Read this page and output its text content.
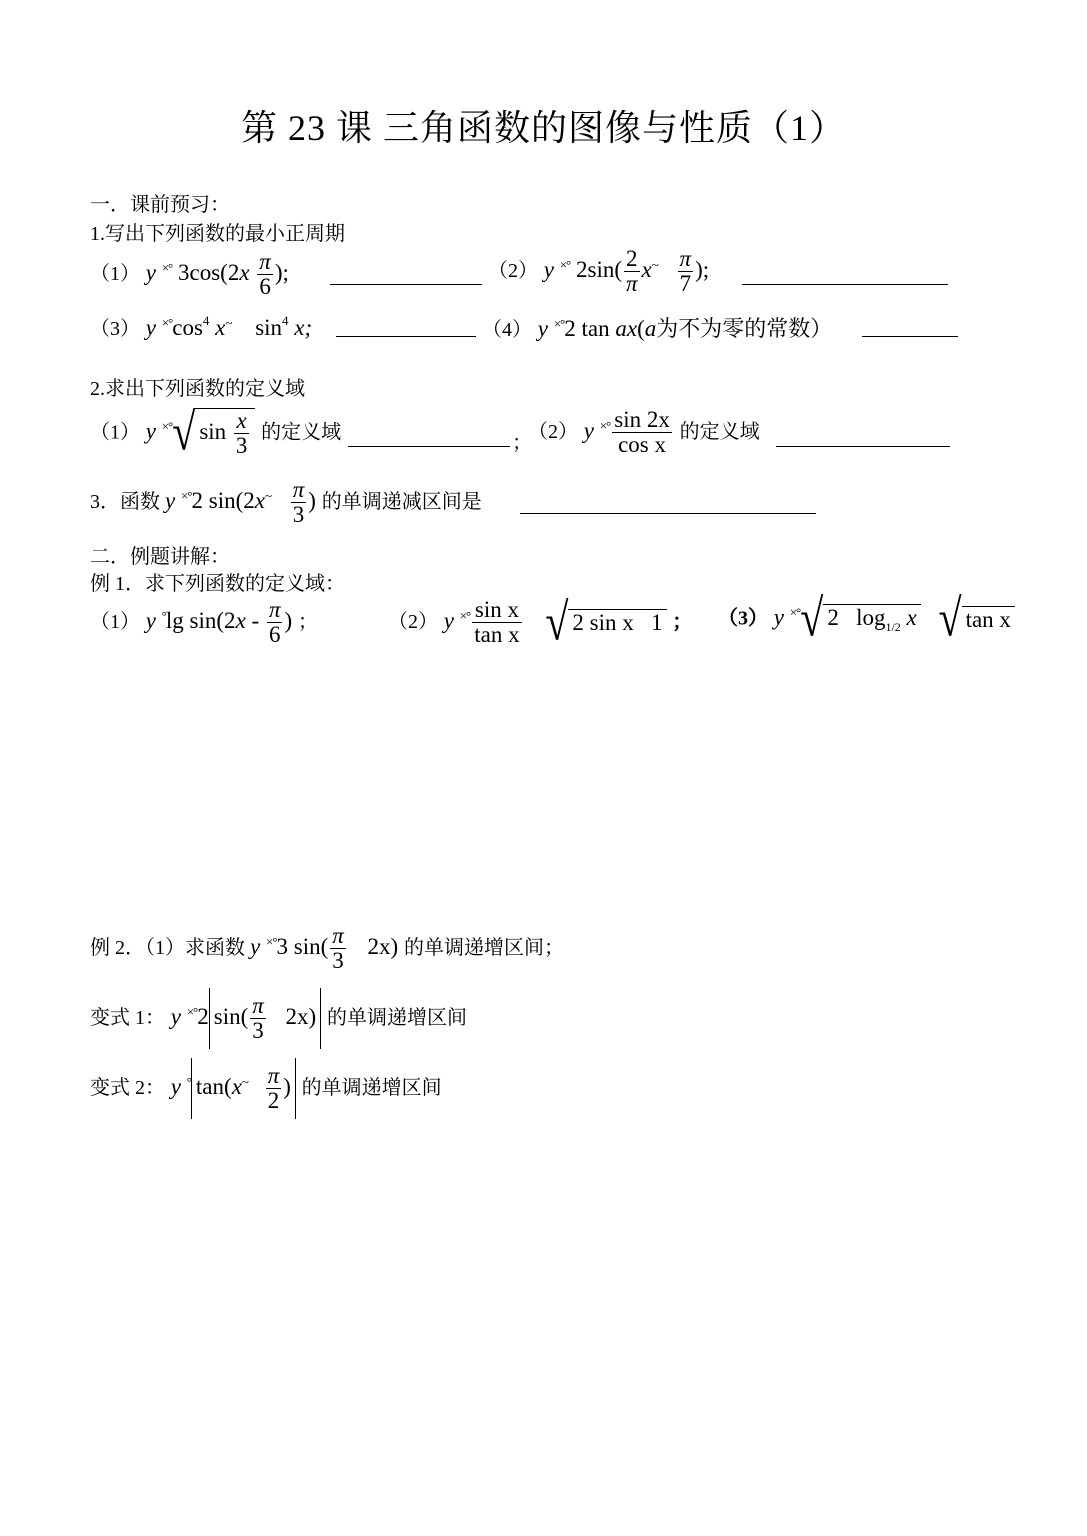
第 23 课 三角函数的图像与性质（1）
一．课前预习：
1.写出下列函数的最小正周期
（1） y ×° $3\cos(2x \frac{\pi}{6}$ );	（2） y ×° $2\sin( \frac{2}{\pi} x^\sim \frac{\pi}{7}$ );
（3） y $^{\times^\circ}\cos^4$ x~ $\sin^4 x$;	（4） y ×°2 tan ax(a为不为零的常数）
2.求出下列函数的定义域
（1） y ×°√ $\sin \frac{x}{3}$ 的定义域	；
（2） y $^{\times^\circ} \frac{\sin 2x}{\text{cos x}}$ 的定义域
3．函数 y ×°2 $\sin(2x^\sim \frac{\pi}{3}$ ) 的单调递减区间是
二．例题讲解：
例 1．求下列函数的定义域：
（1） y °lg $\sin(2x - \frac{\pi}{6}$ ) ；	（2） y $^{\times^\circ} \frac{\text{sin x}}{\text{tan x}}$ √ 2 sin x   1 ； （3） y ×°√ 2   $\log_{1/2} x$ √ tan x
例 2．（1）求函数 y ×°3 $\sin( \frac{\pi}{3} 2x)$ 的单调递增区间；
变式 1： y ×°2 $\sin( \frac{\pi}{3} 2x)$ 的单调递增区间
变式 2： y ° $\tan(x^\sim \frac{\pi}{2}$ ) 的单调递增区间
